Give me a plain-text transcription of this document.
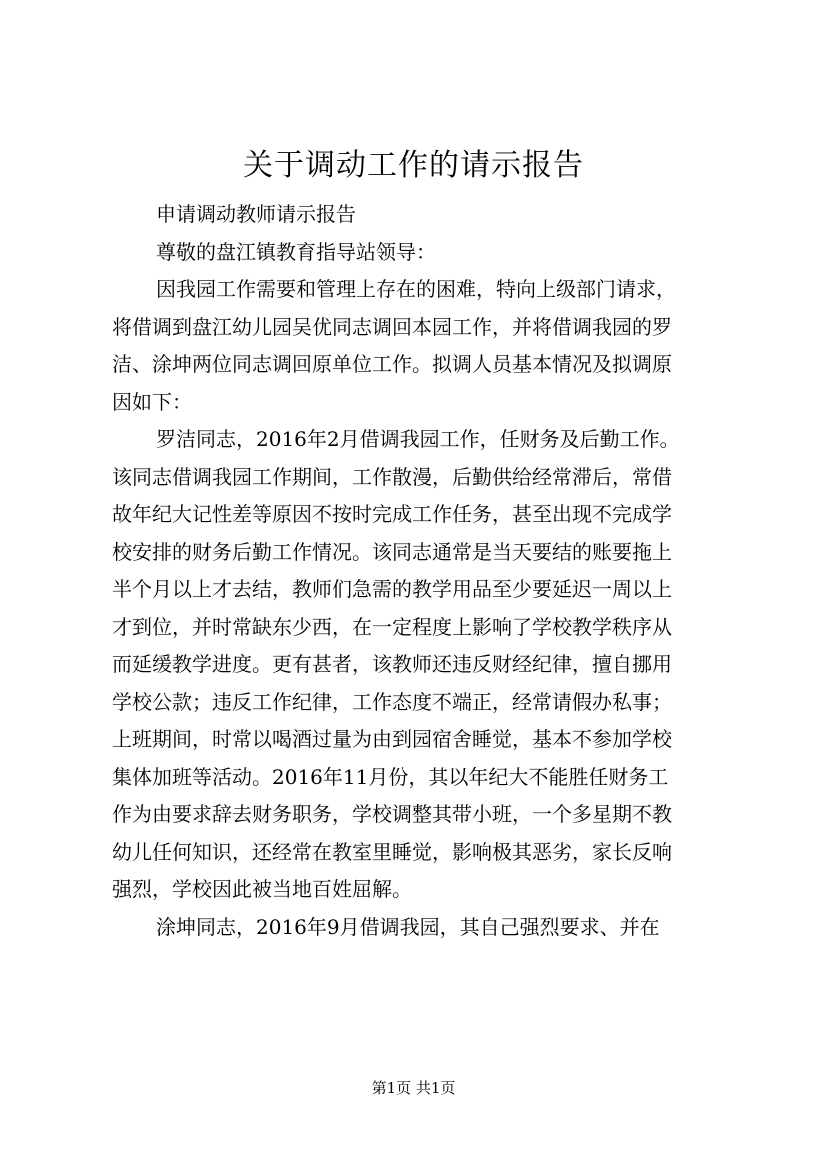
关于调动工作的请示报告
申请调动教师请示报告
尊敬的盘江镇教育指导站领导：
因我园工作需要和管理上存在的困难，特向上级部门请求，
将借调到盘江幼儿园吴优同志调回本园工作，并将借调我园的罗
洁、涂坤两位同志调回原单位工作。拟调人员基本情况及拟调原
因如下：
罗洁同志，2016年2月借调我园工作，任财务及后勤工作。
该同志借调我园工作期间，工作散漫，后勤供给经常滞后，常借
故年纪大记性差等原因不按时完成工作任务，甚至出现不完成学
校安排的财务后勤工作情况。该同志通常是当天要结的账要拖上
半个月以上才去结，教师们急需的教学用品至少要延迟一周以上
才到位，并时常缺东少西，在一定程度上影响了学校教学秩序从
而延缓教学进度。更有甚者，该教师还违反财经纪律，擅自挪用
学校公款；违反工作纪律，工作态度不端正，经常请假办私事；
上班期间，时常以喝酒过量为由到园宿舍睡觉，基本不参加学校
集体加班等活动。2016年11月份，其以年纪大不能胜任财务工
作为由要求辞去财务职务，学校调整其带小班，一个多星期不教
幼儿任何知识，还经常在教室里睡觉，影响极其恶劣，家长反响
强烈，学校因此被当地百姓屈解。
涂坤同志，2016年9月借调我园，其自己强烈要求、并在
第1页 共1页
